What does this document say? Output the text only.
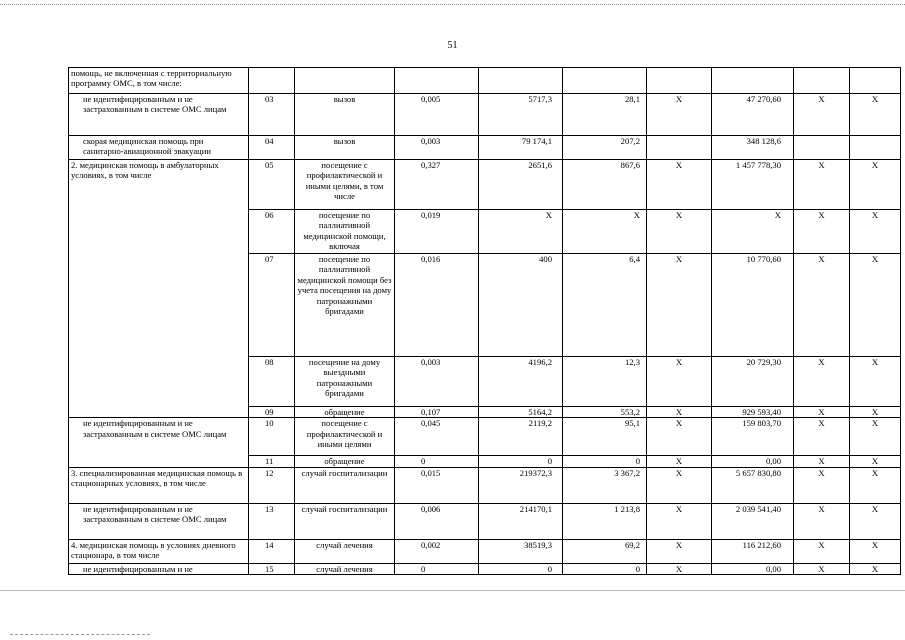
51
помощь, не включенная с территориальную программу ОМС, в том числе:									
не идентифицированным и не застрахованным в системе ОМС лицам	03	вызов	0,005	5717,3	28,1	X	47 270,60	X	X
скорая медицинская помощь при санитарно-авиационной эвакуации	04	вызов	0,003	79 174,1	207,2		348 128,6		
2. медицинская помощь в амбулаторных условиях, в том числе	05	посещение с профилактической и иными целями, в том числе	0,327	2651,6	867,6	X	1 457 778,30	X	X
	06	посещение по паллиативной медицинской помощи, включая	0,019	X	X	X	X	X	X
	07	посещение по паллиативной медицинской помощи без учета посещения на дому патронажными бригадами	0,016	400	6,4	X	10 770,60	X	X
	08	посещение на дому выездными патронажными бригадами	0,003	4196,2	12,3	X	20 729,30	X	X
	09	обращение	0,107	5164,2	553,2	X	929 593,40	X	X
не идентифицированным и не застрахованным в системе ОМС лицам	10	посещение с профилактической и иными целями	0,045	2119,2	95,1	X	159 803,70	X	X
	11	обращение	0	0	0	X	0,00	X	X
3. специализированная медицинская помощь в стационарных условиях, в том числе	12	случай госпитализации	0,015	219372,3	3 367,2	X	5 657 830,80	X	X
не идентифицированным и не застрахованным в системе ОМС лицам	13	случай госпитализации	0,006	214170,1	1 213,8	X	2 039 541,40	X	X
4. медицинская помощь в условиях дневного стационара, в том числе	14	случай лечения	0,002	38519,3	69,2	X	116 212,60	X	X
не идентифицированным и не	15	случай лечения	0	0	0	X	0,00	X	X
